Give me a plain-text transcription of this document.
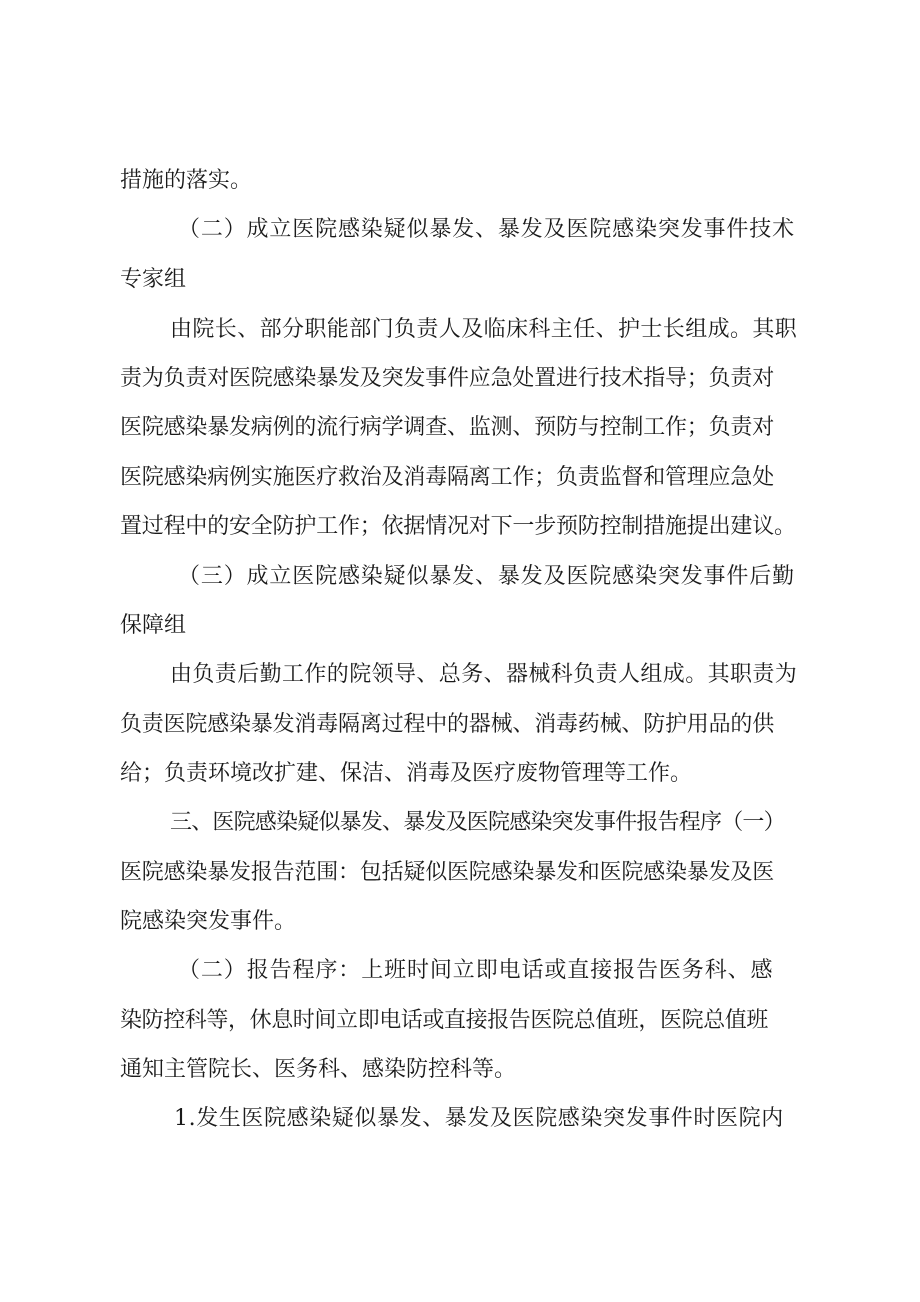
措施的落实。

（二）成立医院感染疑似暴发、暴发及医院感染突发事件技术

专家组

由院长、部分职能部门负责人及临床科主任、护士长组成。其职

责为负责对医院感染暴发及突发事件应急处置进行技术指导；负责对

医院感染暴发病例的流行病学调查、监测、预防与控制工作；负责对

医院感染病例实施医疗救治及消毒隔离工作；负责监督和管理应急处

置过程中的安全防护工作；依据情况对下一步预防控制措施提出建议。

（三）成立医院感染疑似暴发、暴发及医院感染突发事件后勤

保障组

由负责后勤工作的院领导、总务、器械科负责人组成。其职责为

负责医院感染暴发消毒隔离过程中的器械、消毒药械、防护用品的供

给；负责环境改扩建、保洁、消毒及医疗废物管理等工作。

三、医院感染疑似暴发、暴发及医院感染突发事件报告程序（一）

医院感染暴发报告范围：包括疑似医院感染暴发和医院感染暴发及医

院感染突发事件。

（二）报告程序：上班时间立即电话或直接报告医务科、感

染防控科等，休息时间立即电话或直接报告医院总值班，医院总值班

通知主管院长、医务科、感染防控科等。

1.发生医院感染疑似暴发、暴发及医院感染突发事件时医院内
